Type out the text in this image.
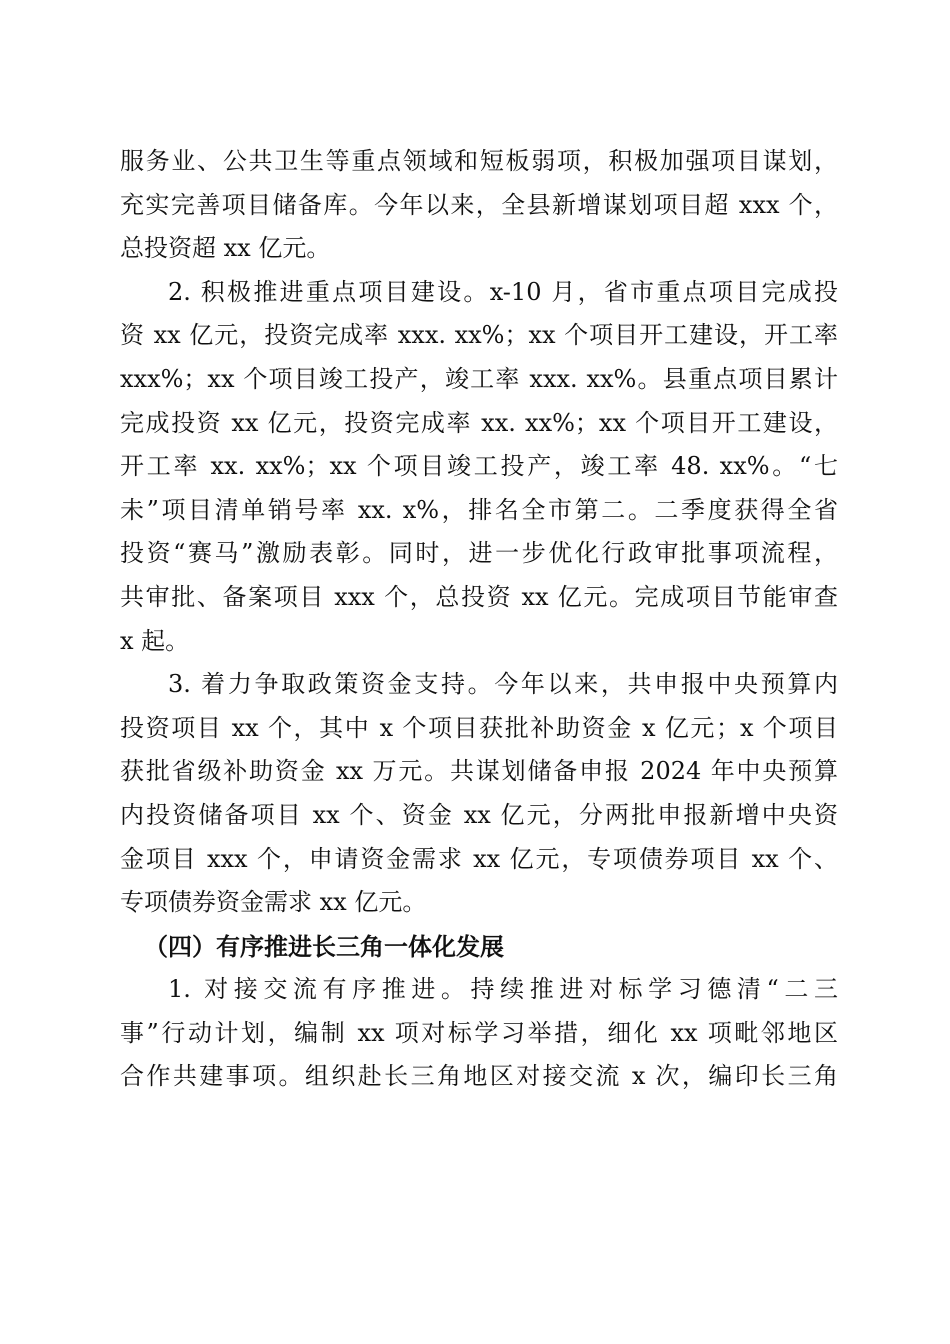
服务业、公共卫生等重点领域和短板弱项，积极加强项目谋划，
充实完善项目储备库。今年以来，全县新增谋划项目超 xxx 个，
总投资超 xx 亿元。
2. 积极推进重点项目建设。x-10 月，省市重点项目完成投
资 xx 亿元，投资完成率 xxx. xx%；xx 个项目开工建设，开工率
xxx%；xx 个项目竣工投产，竣工率 xxx. xx%。县重点项目累计
完成投资 xx 亿元，投资完成率 xx. xx%；xx 个项目开工建设，
开工率 xx. xx%；xx 个项目竣工投产，竣工率 48. xx%。“七
未”项目清单销号率 xx. x%，排名全市第二。二季度获得全省
投资“赛马”激励表彰。同时，进一步优化行政审批事项流程，
共审批、备案项目 xxx 个，总投资 xx 亿元。完成项目节能审查
x 起。
3. 着力争取政策资金支持。今年以来，共申报中央预算内
投资项目 xx 个，其中 x 个项目获批补助资金 x 亿元；x 个项目
获批省级补助资金 xx 万元。共谋划储备申报 2024 年中央预算
内投资储备项目 xx 个、资金 xx 亿元，分两批申报新增中央资
金项目 xxx 个，申请资金需求 xx 亿元，专项债券项目 xx 个、
专项债券资金需求 xx 亿元。
（四）有序推进长三角一体化发展
1. 对接交流有序推进。持续推进对标学习德清“二三
事”行动计划，编制 xx 项对标学习举措，细化 xx 项毗邻地区
合作共建事项。组织赴长三角地区对接交流 x 次，编印长三角
